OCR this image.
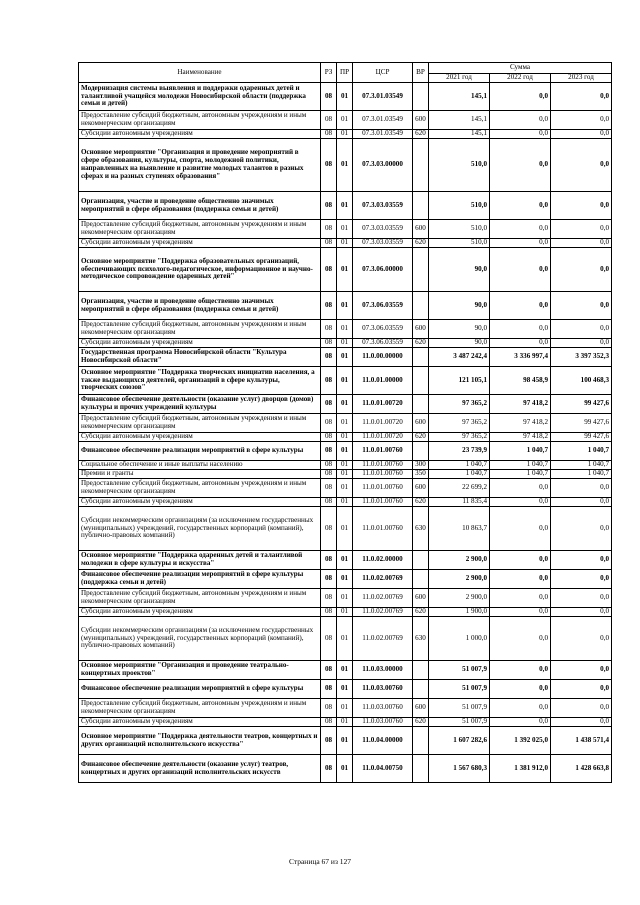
Наименование	РЗ	ПР	ЦСР	ВР	Сумма		
					2021 год	2022 год	2023 год
Модернизация системы выявления и поддержки одаренных детей и талантливой учащейся молодежи Новосибирской области (поддержка семьи и детей)	08	01	07.3.01.03549		145,1	0,0	0,0
Предоставление субсидий бюджетным, автономным учреждениям и иным некоммерческим организациям	08	01	07.3.01.03549	600	145,1	0,0	0,0
Субсидии автономным учреждениям	08	01	07.3.01.03549	620	145,1	0,0	0,0
Основное мероприятие "Организация и проведение мероприятий в сфере образования, культуры, спорта, молодежной политики, направленных на выявление и развитие молодых талантов в разных сферах и на разных ступенях образования"	08	01	07.3.03.00000		510,0	0,0	0,0
Организация, участие и проведение общественно значимых мероприятий в сфере образования (поддержка семьи и детей)	08	01	07.3.03.03559		510,0	0,0	0,0
Предоставление субсидий бюджетным, автономным учреждениям и иным некоммерческим организациям	08	01	07.3.03.03559	600	510,0	0,0	0,0
Субсидии автономным учреждениям	08	01	07.3.03.03559	620	510,0	0,0	0,0
Основное мероприятие "Поддержка образовательных организаций, обеспечивающих психолого-педагогическое, информационное и научно-методическое сопровождение одаренных детей"	08	01	07.3.06.00000		90,0	0,0	0,0
Организация, участие и проведение общественно значимых мероприятий в сфере образования (поддержка семьи и детей)	08	01	07.3.06.03559		90,0	0,0	0,0
Предоставление субсидий бюджетным, автономным учреждениям и иным некоммерческим организациям	08	01	07.3.06.03559	600	90,0	0,0	0,0
Субсидии автономным учреждениям	08	01	07.3.06.03559	620	90,0	0,0	0,0
Государственная программа Новосибирской области "Культура Новосибирской области"	08	01	11.0.00.00000		3 487 242,4	3 336 997,4	3 397 352,3
Основное мероприятие "Поддержка творческих инициатив населения, а также выдающихся деятелей, организаций в сфере культуры, творческих союзов"	08	01	11.0.01.00000		121 105,1	98 458,9	100 468,3
Финансовое обеспечение деятельности (оказание услуг) дворцов (домов) культуры и прочих учреждений культуры	08	01	11.0.01.00720		97 365,2	97 418,2	99 427,6
Предоставление субсидий бюджетным, автономным учреждениям и иным некоммерческим организациям	08	01	11.0.01.00720	600	97 365,2	97 418,2	99 427,6
Субсидии автономным учреждениям	08	01	11.0.01.00720	620	97 365,2	97 418,2	99 427,6
Финансовое обеспечение реализации мероприятий в сфере культуры	08	01	11.0.01.00760		23 739,9	1 040,7	1 040,7
Социальное обеспечение и иные выплаты населению	08	01	11.0.01.00760	300	1 040,7	1 040,7	1 040,7
Премии и гранты	08	01	11.0.01.00760	350	1 040,7	1 040,7	1 040,7
Предоставление субсидий бюджетным, автономным учреждениям и иным некоммерческим организациям	08	01	11.0.01.00760	600	22 699,2	0,0	0,0
Субсидии автономным учреждениям	08	01	11.0.01.00760	620	11 835,4	0,0	0,0
Субсидии некоммерческим организациям (за исключением государственных (муниципальных) учреждений, государственных корпораций (компаний), публично-правовых компаний)	08	01	11.0.01.00760	630	10 863,7	0,0	0,0
Основное мероприятие "Поддержка одаренных детей и талантливой молодежи в сфере культуры и искусства"	08	01	11.0.02.00000		2 900,0	0,0	0,0
Финансовое обеспечение реализации мероприятий в сфере культуры (поддержка семьи и детей)	08	01	11.0.02.00769		2 900,0	0,0	0,0
Предоставление субсидий бюджетным, автономным учреждениям и иным некоммерческим организациям	08	01	11.0.02.00769	600	2 900,0	0,0	0,0
Субсидии автономным учреждениям	08	01	11.0.02.00769	620	1 900,0	0,0	0,0
Субсидии некоммерческим организациям (за исключением государственных (муниципальных) учреждений, государственных корпораций (компаний), публично-правовых компаний)	08	01	11.0.02.00769	630	1 000,0	0,0	0,0
Основное мероприятие "Организация и проведение театрально-концертных проектов"	08	01	11.0.03.00000		51 007,9	0,0	0,0
Финансовое обеспечение реализации мероприятий в сфере культуры	08	01	11.0.03.00760		51 007,9	0,0	0,0
Предоставление субсидий бюджетным, автономным учреждениям и иным некоммерческим организациям	08	01	11.0.03.00760	600	51 007,9	0,0	0,0
Субсидии автономным учреждениям	08	01	11.0.03.00760	620	51 007,9	0,0	0,0
Основное мероприятие "Поддержка деятельности театров, концертных и других организаций исполнительского искусства"	08	01	11.0.04.00000		1 607 282,6	1 392 025,0	1 438 571,4
Финансовое обеспечение деятельности (оказание услуг) театров, концертных и других организаций исполнительских искусств	08	01	11.0.04.00750		1 567 680,3	1 381 912,0	1 428 663,8
Страница 67 из 127
